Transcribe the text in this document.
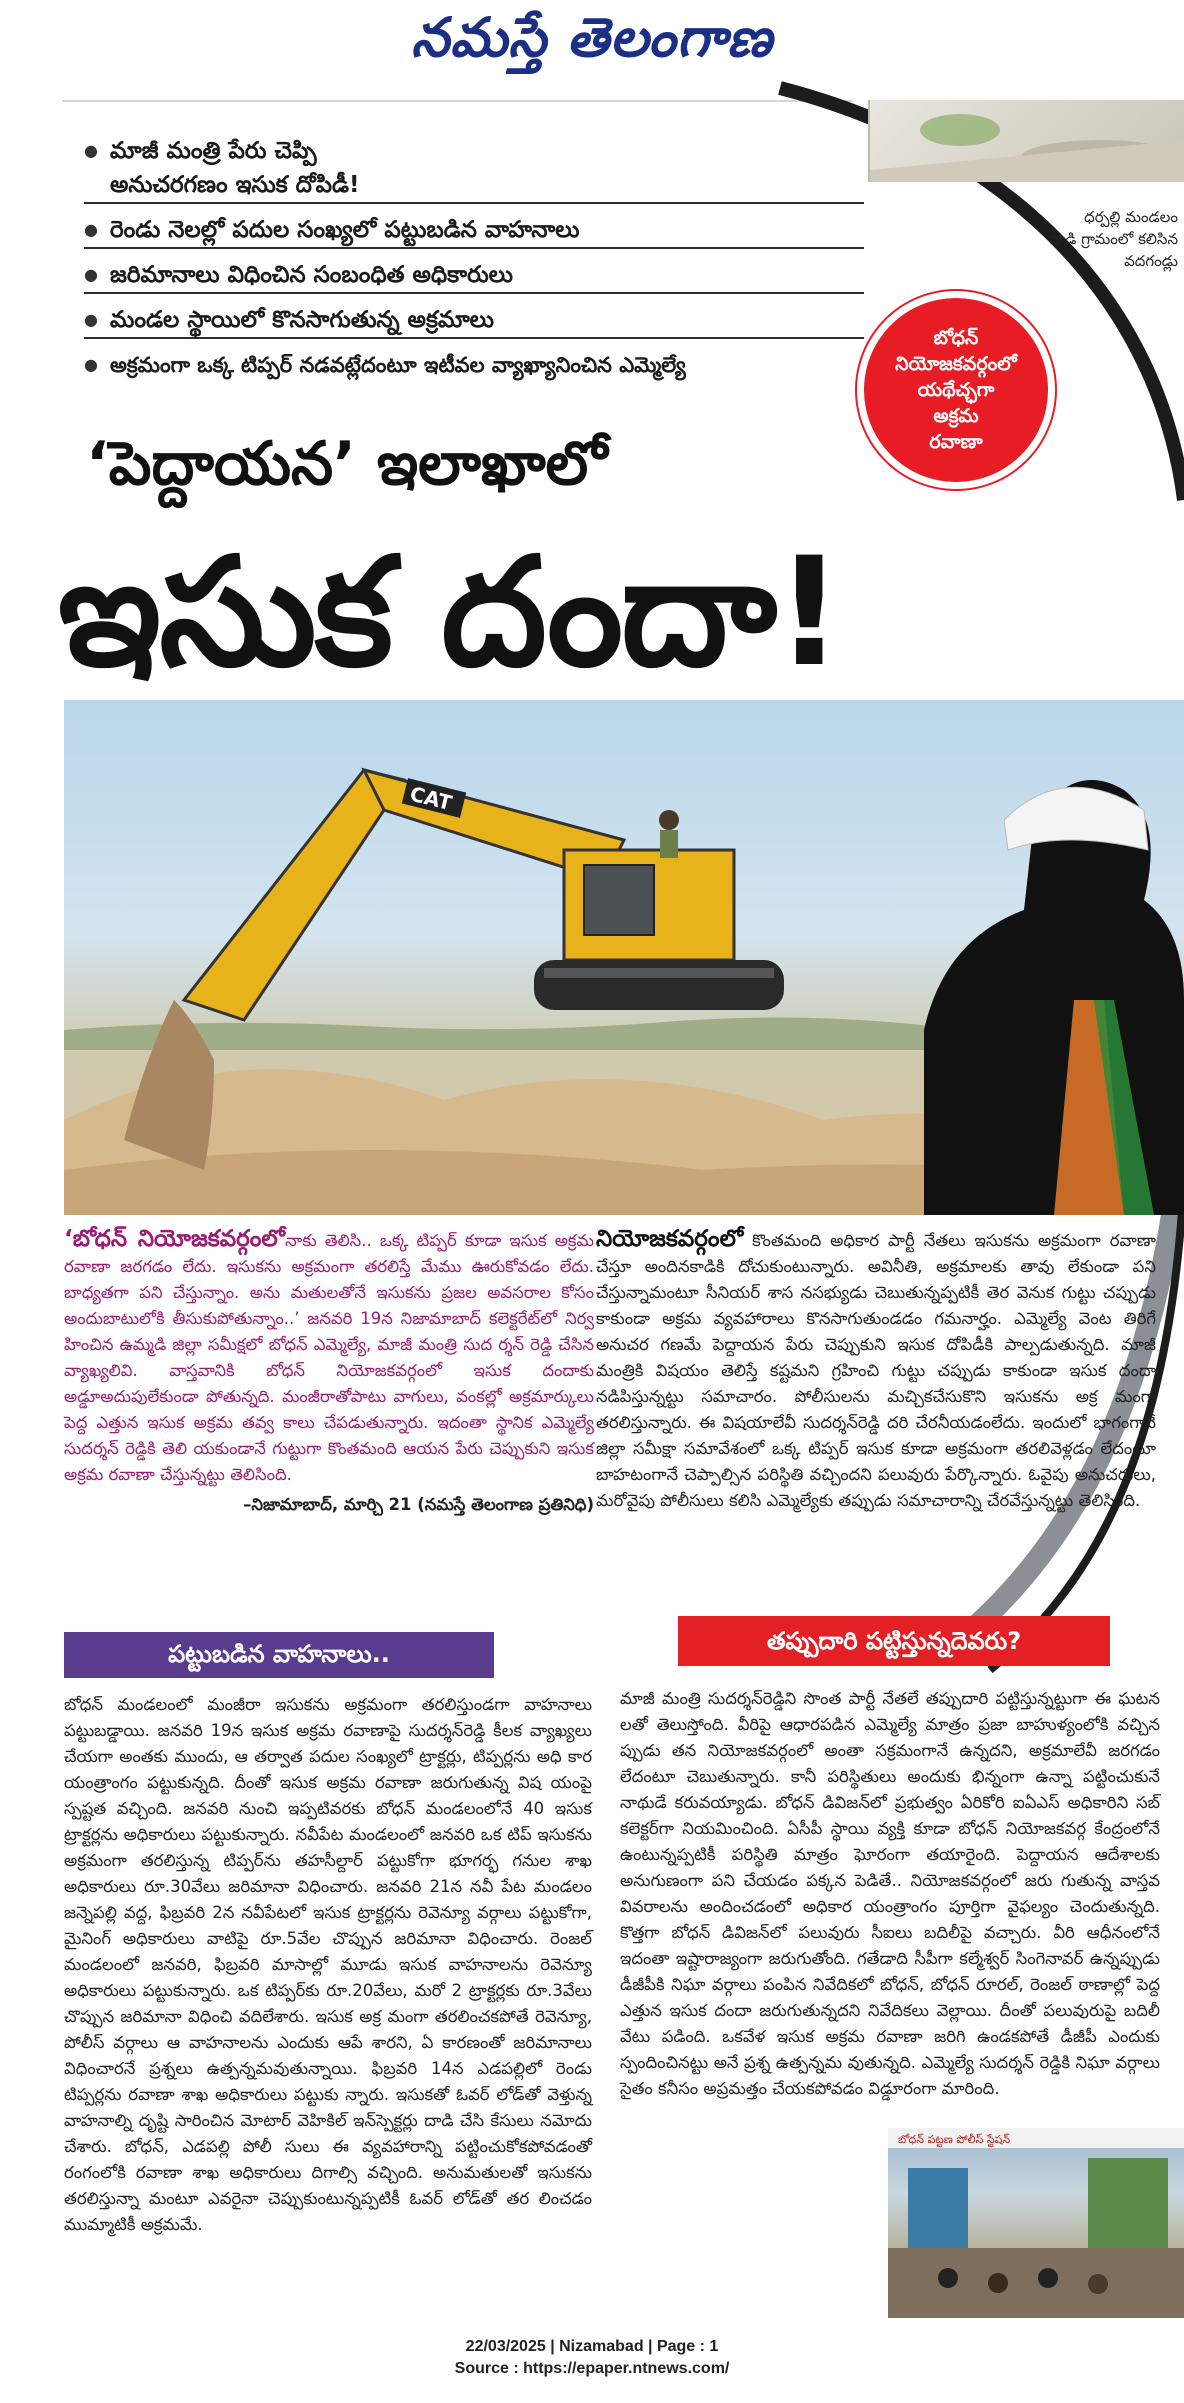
నమస్తే తెలంగాణ
ధర్పల్లి మండలం
వాడి గ్రామంలో కలిసిన
వదగండ్లు
● మాజీ మంత్రి పేరు చెప్పి
అనుచరగణం ఇసుక దోపిడీ!
● రెండు నెలల్లో పదుల సంఖ్యలో పట్టుబడిన వాహనాలు
● జరిమానాలు విధించిన సంబంధిత అధికారులు
● మండల స్థాయిలో కొనసాగుతున్న అక్రమాలు
● అక్రమంగా ఒక్క టిప్పర్ నడవట్లేదంటూ ఇటీవల వ్యాఖ్యానించిన ఎమ్మెల్యే
బోధన్
నియోజకవర్గంలో
యథేచ్ఛగా
అక్రమ
రవాణా
‘పెద్దాయన’ ఇలాఖాలో
ఇసుక దందా!
CAT
‘బోధన్ నియోజకవర్గంలోనాకు తెలిసి.. ఒక్క టిప్పర్ కూడా ఇసుక అక్రమ రవాణా జరగడం లేదు. ఇసుకను అక్రమంగా తరలిస్తే మేము ఊరుకోవడం లేదు. బాధ్యతగా పని చేస్తున్నాం. అను మతులతోనే ఇసుకను ప్రజల అవసరాల కోసం అందుబాటులోకి తీసుకుపోతున్నాం..’ జనవరి 19న నిజామాబాద్ కలెక్టరేట్‌లో నిర్వ హించిన ఉమ్మడి జిల్లా సమీక్షలో బోధన్ ఎమ్మెల్యే, మాజీ మంత్రి సుద ర్శన్ రెడ్డి చేసిన వ్యాఖ్యలివి. వాస్తవానికి బోధన్ నియోజకవర్గంలో ఇసుక దందాకు అడ్డూఅదుపులేకుండా పోతున్నది. మంజీరాతోపాటు వాగులు, వంకల్లో అక్రమార్కులు పెద్ద ఎత్తున ఇసుక అక్రమ తవ్వ కాలు చేపడుతున్నారు. ఇదంతా స్థానిక ఎమ్మెల్యే సుదర్శన్ రెడ్డికి తెలి యకుండానే గుట్టుగా కొంతమంది ఆయన పేరు చెప్పుకుని ఇసుక అక్రమ రవాణా చేస్తున్నట్టు తెలిసింది.
–నిజామాబాద్, మార్చి 21 (నమస్తే తెలంగాణ ప్రతినిధి)
నియోజకవర్గంలో కొంతమంది అధికార పార్టీ నేతలు ఇసుకను అక్రమంగా రవాణా చేస్తూ అందినకాడికి దోచుకుంటున్నారు. అవినీతి, అక్రమాలకు తావు లేకుండా పని చేస్తున్నామంటూ సీనియర్ శాస నసభ్యుడు చెబుతున్నప్పటికీ తెర వెనుక గుట్టు చప్పుడు కాకుండా అక్రమ వ్యవహారాలు కొనసాగుతుండడం గమనార్హం. ఎమ్మెల్యే వెంట తిరిగే అనుచర గణమే పెద్దాయన పేరు చెప్పుకుని ఇసుక దోపిడీకి పాల్పడుతున్నది. మాజీ మంత్రికి విషయం తెలిస్తే కష్టమని గ్రహించి గుట్టు చప్పుడు కాకుండా ఇసుక దందా నడిపిస్తున్నట్టు సమాచారం. పోలీసులను మచ్చికచేసుకొని ఇసుకను అక్ర మంగా తరలిస్తున్నారు. ఈ విషయాలేవీ సుదర్శన్‌రెడ్డి దరి చేరనీయడంలేదు. ఇందులో భాగంగానే జిల్లా సమీక్షా సమావేశంలో ఒక్క టిప్పర్ ఇసుక కూడా అక్రమంగా తరలివెళ్లడం లేదంటూ బాహటంగానే చెప్పాల్సిన పరిస్థితి వచ్చిందని పలువురు పేర్కొన్నారు. ఓవైపు అనుచరులు, మరోవైపు పోలీసులు కలిసి ఎమ్మెల్యేకు తప్పుడు సమాచారాన్ని చేరవేస్తున్నట్టు తెలిసింది.
పట్టుబడిన వాహనాలు..	తప్పుదారి పట్టిస్తున్నదెవరు?
బోధన్ మండలంలో మంజీరా ఇసుకను అక్రమంగా తరలిస్తుండగా వాహనాలు పట్టుబడ్డాయి. జనవరి 19న ఇసుక అక్రమ రవాణాపై సుదర్శన్‌రెడ్డి కీలక వ్యాఖ్యలు చేయగా అంతకు ముందు, ఆ తర్వాత పదుల సంఖ్యలో ట్రాక్టర్లు, టిప్పర్లను అధి కార యంత్రాంగం పట్టుకున్నది. దీంతో ఇసుక అక్రమ రవాణా జరుగుతున్న విష యంపై స్పష్టత వచ్చింది. జనవరి నుంచి ఇప్పటివరకు బోధన్ మండలంలోనే 40 ఇసుక ట్రాక్టర్లను అధికారులు పట్టుకున్నారు. నవీపేట మండలంలో జనవరి ఒక టిప్ ఇసుకను అక్రమంగా తరలిస్తున్న టిప్పర్‌ను తహసీల్దార్ పట్టుకోగా భూగర్భ గనుల శాఖ అధికారులు రూ.30వేలు జరిమానా విధించారు. జనవరి 21న నవీ పేట మండలం జన్నెపల్లి వద్ద, ఫిబ్రవరి 2న నవీపేటలో ఇసుక ట్రాక్టర్లను రెవెన్యూ వర్గాలు పట్టుకోగా, మైనింగ్ అధికారులు వాటిపై రూ.5వేల చొప్పున జరిమానా విధించారు. రెంజల్ మండలంలో జనవరి, ఫిబ్రవరి మాసాల్లో మూడు ఇసుక వాహనాలను రెవెన్యూ అధికారులు పట్టుకున్నారు. ఒక టిప్పర్‌కు రూ.20వేలు, మరో 2 ట్రాక్టర్లకు రూ.3వేలు చొప్పున జరిమానా విధించి వదిలేశారు. ఇసుక అక్ర మంగా తరలించకపోతే రెవెన్యూ, పోలీస్ వర్గాలు ఆ వాహనాలను ఎందుకు ఆపే శారని, ఏ కారణంతో జరిమానాలు విధించారనే ప్రశ్నలు ఉత్పన్నమవుతున్నాయి. ఫిబ్రవరి 14న ఎడపల్లిలో రెండు టిప్పర్లను రవాణా శాఖ అధికారులు పట్టుకు న్నారు. ఇసుకతో ఓవర్ లోడ్‌తో వెళ్తున్న వాహనాల్ని దృష్టి సారించిన మోటార్ వెహికిల్ ఇన్‌స్పెక్టర్లు దాడి చేసి కేసులు నమోదు చేశారు. బోధన్, ఎడపల్లి పోలీ సులు ఈ వ్యవహారాన్ని పట్టించుకోకపోవడంతో రంగంలోకి రవాణా శాఖ అధికారులు దిగాల్సి వచ్చింది. అనుమతులతో ఇసుకను తరలిస్తున్నా మంటూ ఎవరైనా చెప్పుకుంటున్నప్పటికీ ఓవర్ లోడ్‌తో తర లించడం ముమ్మాటికీ అక్రమమే.
మాజీ మంత్రి సుదర్శన్‌రెడ్డిని సొంత పార్టీ నేతలే తప్పుదారి పట్టిస్తున్నట్టుగా ఈ ఘటన లతో తెలుస్తోంది. వీరిపై ఆధారపడిన ఎమ్మెల్యే మాత్రం ప్రజా బాహుళ్యంలోకి వచ్చిన ప్పుడు తన నియోజకవర్గంలో అంతా సక్రమంగానే ఉన్నదని, అక్రమాలేవీ జరగడం లేదంటూ చెబుతున్నారు. కానీ పరిస్థితులు అందుకు భిన్నంగా ఉన్నా పట్టించుకునే నాథుడే కరువయ్యాడు. బోధన్ డివిజన్‌లో ప్రభుత్వం ఏరికోరి ఐఏఎస్ అధికారిని సబ్ కలెక్టర్‌గా నియమించింది. ఏసీపీ స్థాయి వ్యక్తి కూడా బోధన్ నియోజకవర్గ కేంద్రంలోనే ఉంటున్నప్పటికీ పరిస్థితి మాత్రం ఘోరంగా తయారైంది. పెద్దాయన ఆదేశాలకు అనుగుణంగా పని చేయడం పక్కన పెడితే.. నియోజకవర్గంలో జరు గుతున్న వాస్తవ వివరాలను అందించడంలో అధికార యంత్రాంగం పూర్తిగా వైఫల్యం చెందుతున్నది. కొత్తగా బోధన్ డివిజన్‌లో పలువురు సీఐలు బదిలీపై వచ్చారు. వీరి ఆధీనంలోనే ఇదంతా ఇష్టారాజ్యంగా జరుగుతోంది. గతేడాది సీపీగా కల్మేశ్వర్ సింగెనావర్ ఉన్నప్పుడు డీజీపీకి నిఘా వర్గాలు పంపిన నివేదికలో బోధన్, బోధన్ రూరల్, రెంజల్ ఠాణాల్లో పెద్ద ఎత్తున ఇసుక దందా జరుగుతున్నదని నివేదికలు వెల్లాయి. దీంతో పలువురుపై బదిలీ వేటు పడింది. ఒకవేళ ఇసుక అక్రమ రవాణా జరిగి ఉండకపోతే డీజీపీ ఎందుకు స్పందించినట్టు అనే ప్రశ్న ఉత్పన్నమ వుతున్నది. ఎమ్మెల్యే సుదర్శన్ రెడ్డికి నిఘా వర్గాలు సైతం కనీసం అప్రమత్తం చేయకపోవడం విడ్డూరంగా మారింది.
బోధన్ పట్టణ పోలీస్ స్టేషన్
22/03/2025 | Nizamabad | Page : 1
Source : https://epaper.ntnews.com/
